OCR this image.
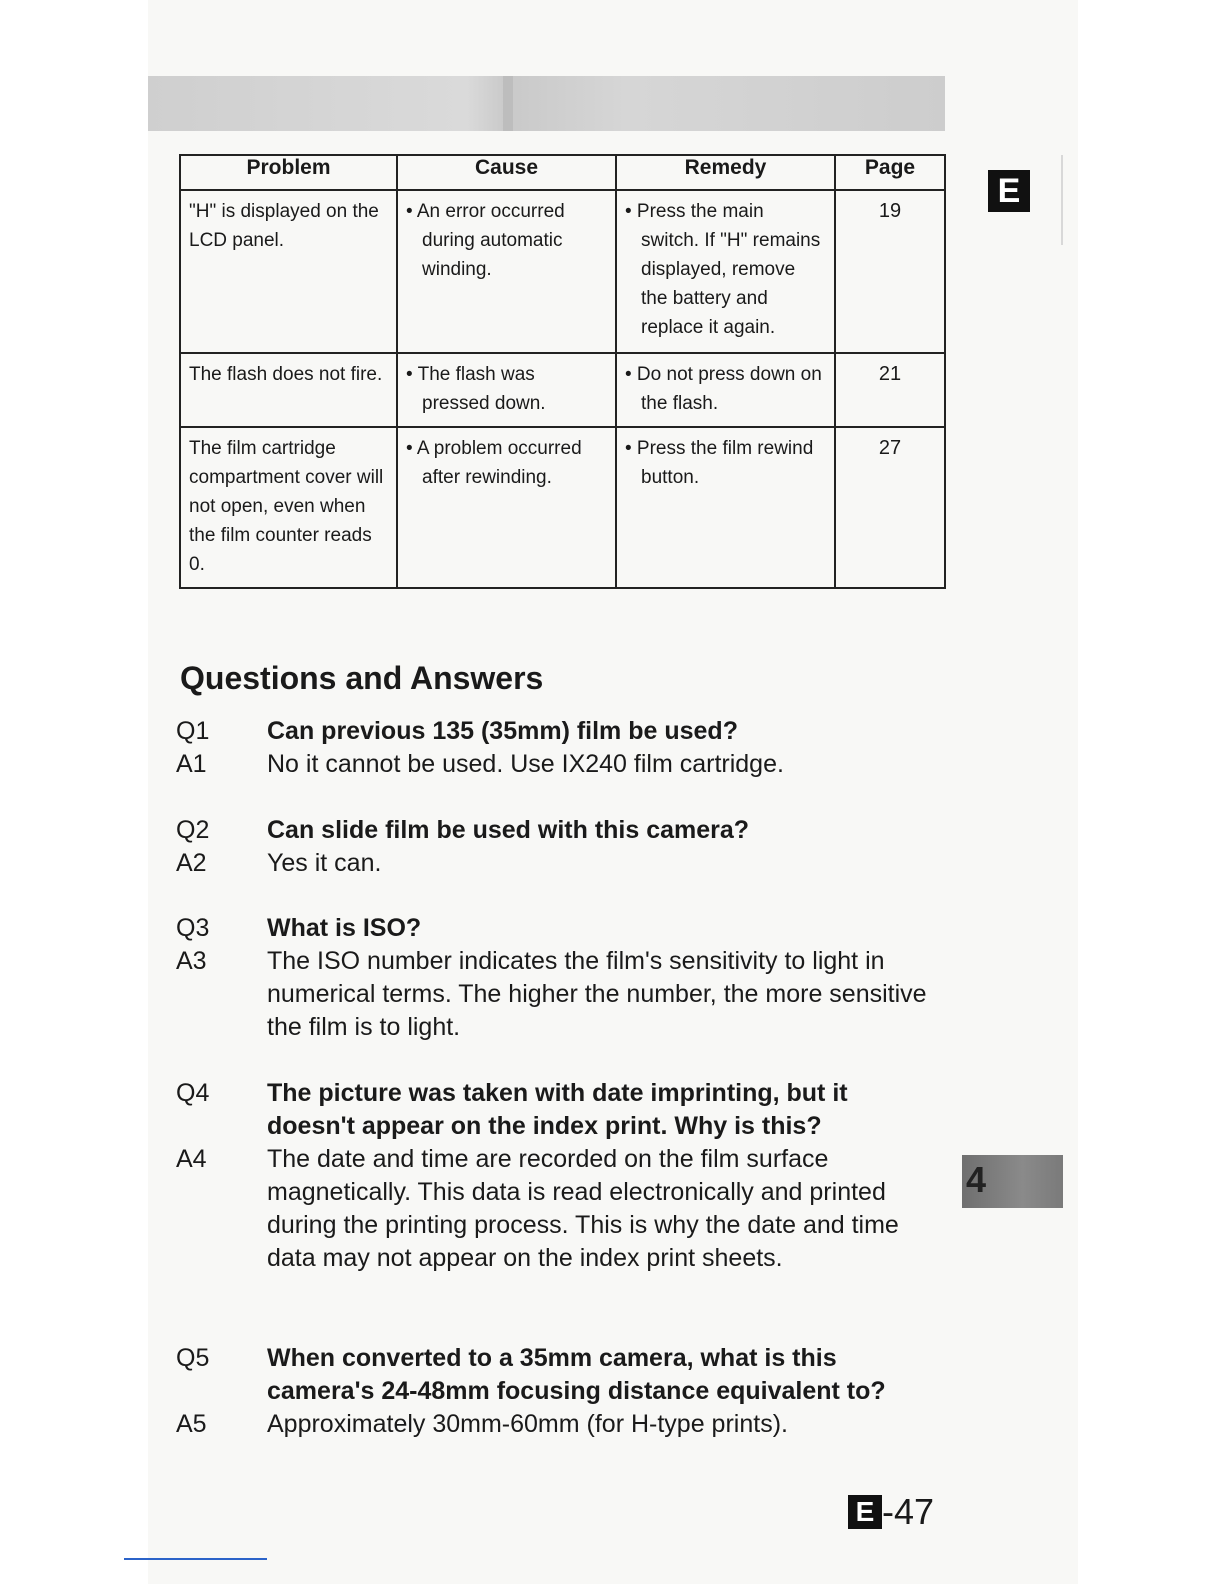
E
4
Problem	Cause	Remedy	Page
"H" is displayed on the LCD panel.	• An error occurred during automatic winding.	• Press the main switch. If "H" remains displayed, remove the battery and replace it again.	19
The flash does not fire.	• The flash was pressed down.	• Do not press down on the flash.	21
The film cartridge compartment cover will not open, even when the film counter reads 0.	• A problem occurred after rewinding.	• Press the film rewind button.	27
Questions and Answers
Q1	Can previous 135 (35mm) film be used?
A1	No it cannot be used. Use IX240 film cartridge.
Q2	Can slide film be used with this camera?
A2	Yes it can.
Q3	What is ISO?
A3	The ISO number indicates the film's sensitivity to light in numerical terms. The higher the number, the more sensitive the film is to light.
Q4	The picture was taken with date imprinting, but it doesn't appear on the index print. Why is this?
A4	The date and time are recorded on the film surface magnetically. This data is read electronically and printed during the printing process. This is why the date and time data may not appear on the index print sheets.
Q5	When converted to a 35mm camera, what is this camera's 24-48mm focusing distance equivalent to?
A5	Approximately 30mm-60mm (for H-type prints).
E -47
